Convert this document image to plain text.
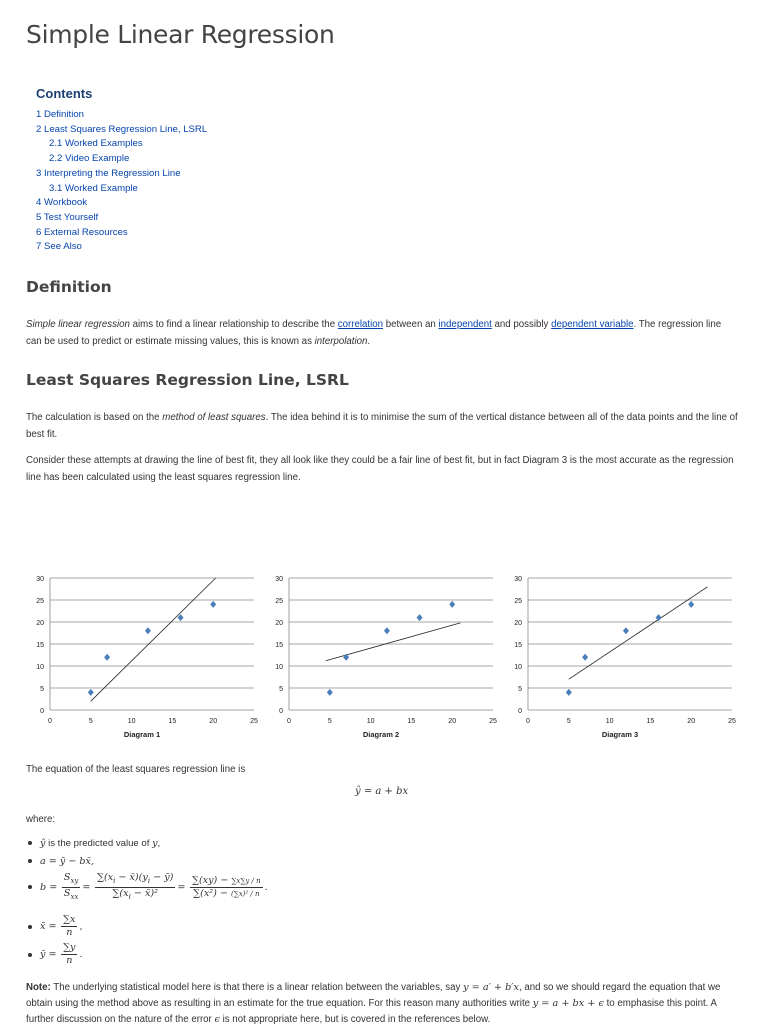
Simple Linear Regression
Contents
1 Definition
2 Least Squares Regression Line, LSRL
2.1 Worked Examples
2.2 Video Example
3 Interpreting the Regression Line
3.1 Worked Example
4 Workbook
5 Test Yourself
6 External Resources
7 See Also
Definition

Simple linear regression aims to find a linear relationship to describe the correlation between an independent and possibly dependent variable. The regression line can be used to predict or estimate missing values, this is known as interpolation.

Least Squares Regression Line, LSRL

The calculation is based on the method of least squares. The idea behind it is to minimise the sum of the vertical distance between all of the data points and the line of best fit.

Consider these attempts at drawing the line of best fit, they all look like they could be a fair line of best fit, but in fact Diagram 3 is the most accurate as the regression line has been calculated using the least squares regression line.

0
5
10
15
20
25
30
0	5	10	15	20	25
Diagram 1
0
5
10
15
20
25
30
0	5	10	15	20	25
Diagram 2
0
5
10
15
20
25
30
0	5	10	15	20	25
Diagram 3

The equation of the least squares regression line is

ŷ = a + bx

where:

ŷ is the predicted value of y,
a = ȳ − bx̄,
$b = \frac{S_{xy}}{S_{xx}} = \frac{\sum(x_i - x̄)(y_i - ȳ)}{\sum(x_i - x̄)^2} = \frac{\sum(xy) - \sum x\sum y / n}{\text{∑(x²) − (∑x)² / n}}$ .
x̄ = $\frac{\sum x}{n}$ ,
ȳ = $\frac{\sum y}{n}$ .

Note: The underlying statistical model here is that there is a linear relation between the variables, say y = a′ + b′x, and so we should regard the equation that we obtain using the method above as resulting in an estimate for the true equation. For this reason many authorities write y = a + bx + ϵ to emphasise this point. A further discussion on the nature of the error ϵ is not appropriate here, but is covered in the references below.
